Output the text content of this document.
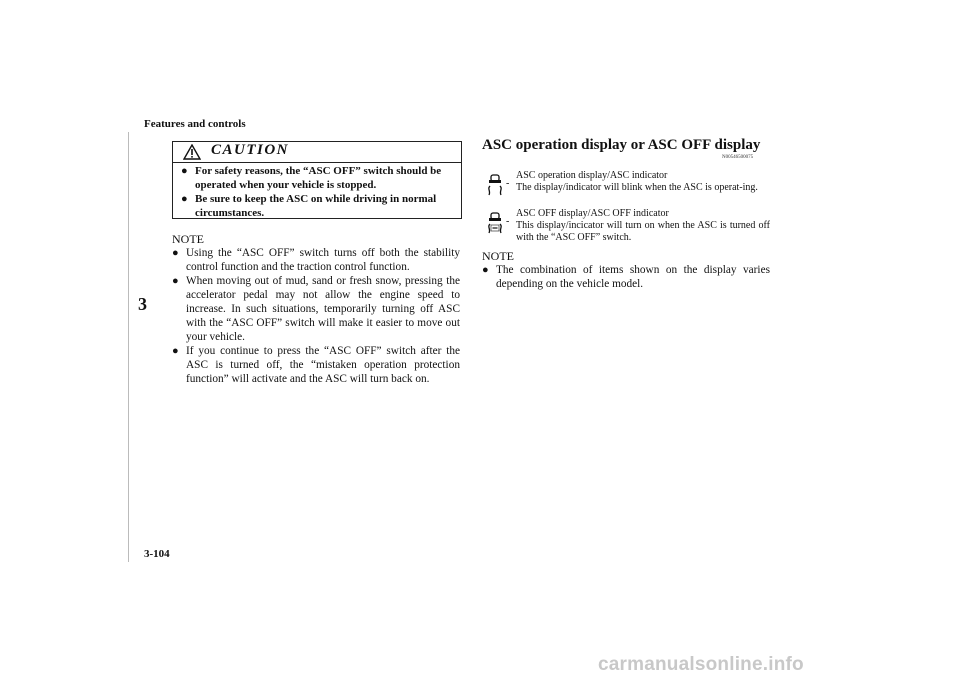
Features and controls
3
CAUTION
● For safety reasons, the “ASC OFF” switch should be operated when your vehicle is stopped.
● Be sure to keep the ASC on while driving in normal circumstances.
NOTE
● Using the “ASC OFF” switch turns off both the stability control function and the traction control function.
● When moving out of mud, sand or fresh snow, pressing the accelerator pedal may not allow the engine speed to increase. In such situations, temporarily turning off ASC with the “ASC OFF” switch will make it easier to move out your vehicle.
● If you continue to press the “ASC OFF” switch after the ASC is turned off, the “mistaken operation protection function” will activate and the ASC will turn back on.
ASC operation display or ASC OFF display
N00546500075
-
ASC operation display/ASC indicator
The display/indicator will blink when the ASC is operat-ing.
-
ASC OFF display/ASC OFF indicator
This display/incicator will turn on when the ASC is turned off with the “ASC OFF” switch.
NOTE
● The combination of items shown on the display varies depending on the vehicle model.
3-104
carmanualsonline.info
